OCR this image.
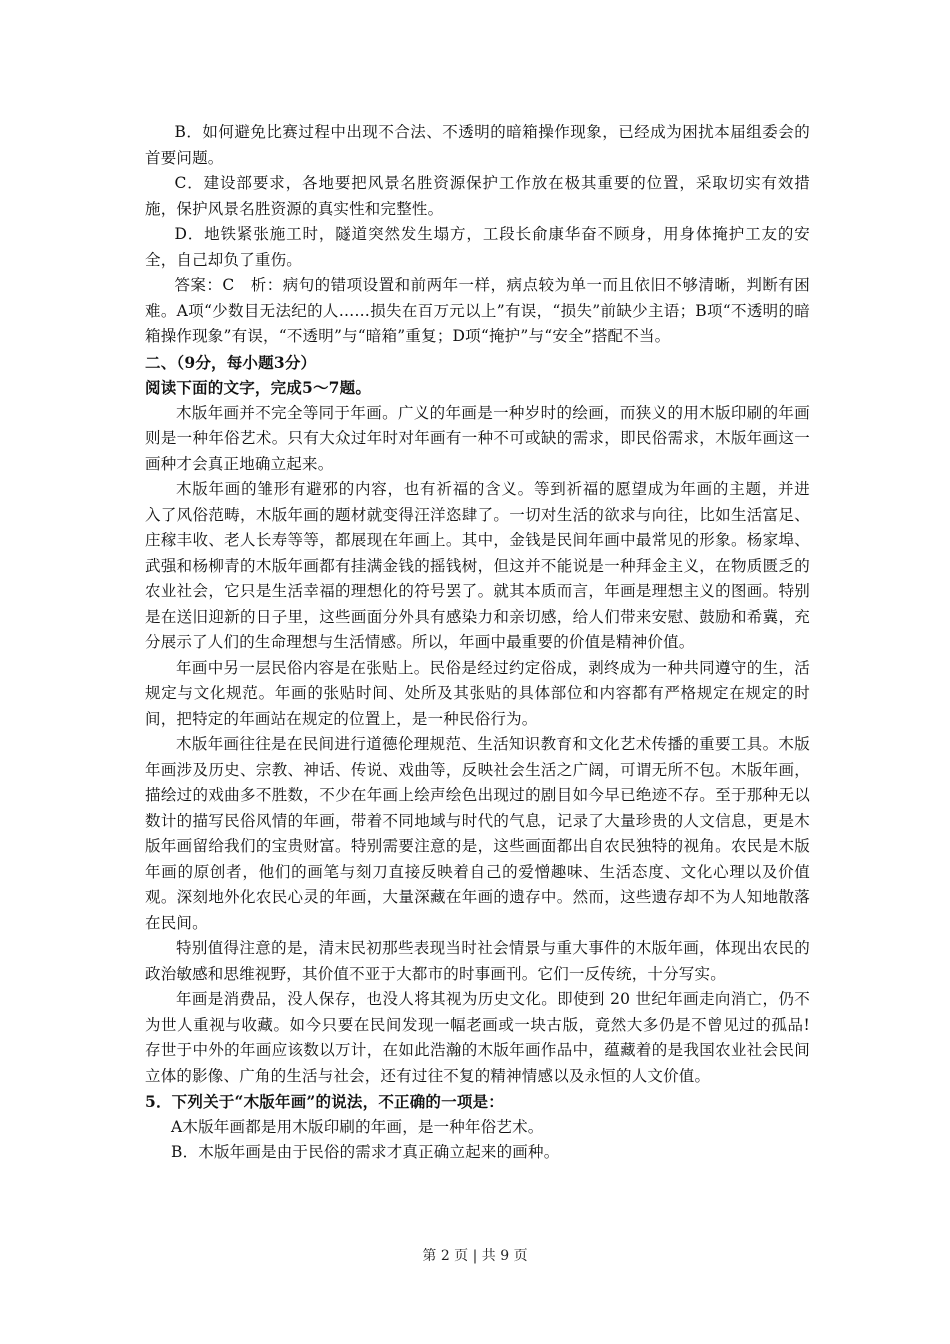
B．如何避免比赛过程中出现不合法、不透明的暗箱操作现象，已经成为困扰本届组委会的首要问题。

C．建设部要求，各地要把风景名胜资源保护工作放在极其重要的位置，采取切实有效措施，保护风景名胜资源的真实性和完整性。

D．地铁紧张施工时，隧道突然发生塌方，工段长俞康华奋不顾身，用身体掩护工友的安全，自己却负了重伤。

答案：C　析：病句的错项设置和前两年一样，病点较为单一而且依旧不够清晰，判断有困难。A项“少数目无法纪的人……损失在百万元以上”有误，“损失”前缺少主语；B项“不透明的暗箱操作现象”有误，“不透明”与“暗箱”重复；D项“掩护”与“安全”搭配不当。

二、（9分，每小题3分）

阅读下面的文字，完成5～7题。

木版年画并不完全等同于年画。广义的年画是一种岁时的绘画，而狭义的用木版印刷的年画则是一种年俗艺术。只有大众过年时对年画有一种不可或缺的需求，即民俗需求，木版年画这一画种才会真正地确立起来。

木版年画的雏形有避邪的内容，也有祈福的含义。等到祈福的愿望成为年画的主题，并进　入了风俗范畴，木版年画的题材就变得汪洋恣肆了。一切对生活的欲求与向往，比如生活富足、庄稼丰收、老人长寿等等，都展现在年画上。其中，金钱是民间年画中最常见的形象。杨家埠、武强和杨柳青的木版年画都有挂满金钱的摇钱树，但这并不能说是一种拜金主义，在物质匮乏的农业社会，它只是生活幸福的理想化的符号罢了。就其本质而言，年画是理想主义的图画。特别是在送旧迎新的日子里，这些画面分外具有感染力和亲切感，给人们带来安慰、鼓励和希冀，充分展示了人们的生命理想与生活情感。所以，年画中最重要的价值是精神价值。

年画中另一层民俗内容是在张贴上。民俗是经过约定俗成，剥终成为一种共同遵守的生，活规定与文化规范。年画的张贴时间、处所及其张贴的具体部位和内容都有严格规定在规定的时间，把特定的年画站在规定的位置上，是一种民俗行为。

木版年画往往是在民间进行道德伦理规范、生活知识教育和文化艺术传播的重要工具。木版年画涉及历史、宗教、神话、传说、戏曲等，反映社会生活之广阔，可谓无所不包。木版年画，描绘过的戏曲多不胜数，不少在年画上绘声绘色出现过的剧目如今早已绝迹不存。至于那种无以数计的描写民俗风情的年画，带着不同地域与时代的气息，记录了大量珍贵的人文信息，更是木版年画留给我们的宝贵财富。特别需要注意的是，这些画面都出自农民独特的视角。农民是木版年画的原创者，他们的画笔与刻刀直接反映着自己的爱憎趣味、生活态度、文化心理以及价值观。深刻地外化农民心灵的年画，大量深藏在年画的遗存中。然而，这些遗存却不为人知地散落在民间。

特别值得注意的是，清末民初那些表现当时社会情景与重大事件的木版年画，体现出农民的政治敏感和思维视野，其价值不亚于大都市的时事画刊。它们一反传统，十分写实。

年画是消费品，没人保存，也没人将其视为历史文化。即使到 20 世纪年画走向消亡，仍不为世人重视与收藏。如今只要在民间发现一幅老画或一块古版，竟然大多仍是不曾见过的孤品!存世于中外的年画应该数以万计，在如此浩瀚的木版年画作品中，蕴藏着的是我国农业社会民间立体的影像、广角的生活与社会，还有过往不复的精神情感以及永恒的人文价值。

5．下列关于“木版年画”的说法，不正确的一项是：

A木版年画都是用木版印刷的年画，是一种年俗艺术。

B．木版年画是由于民俗的需求才真正确立起来的画种。

第 2 页 | 共 9 页
